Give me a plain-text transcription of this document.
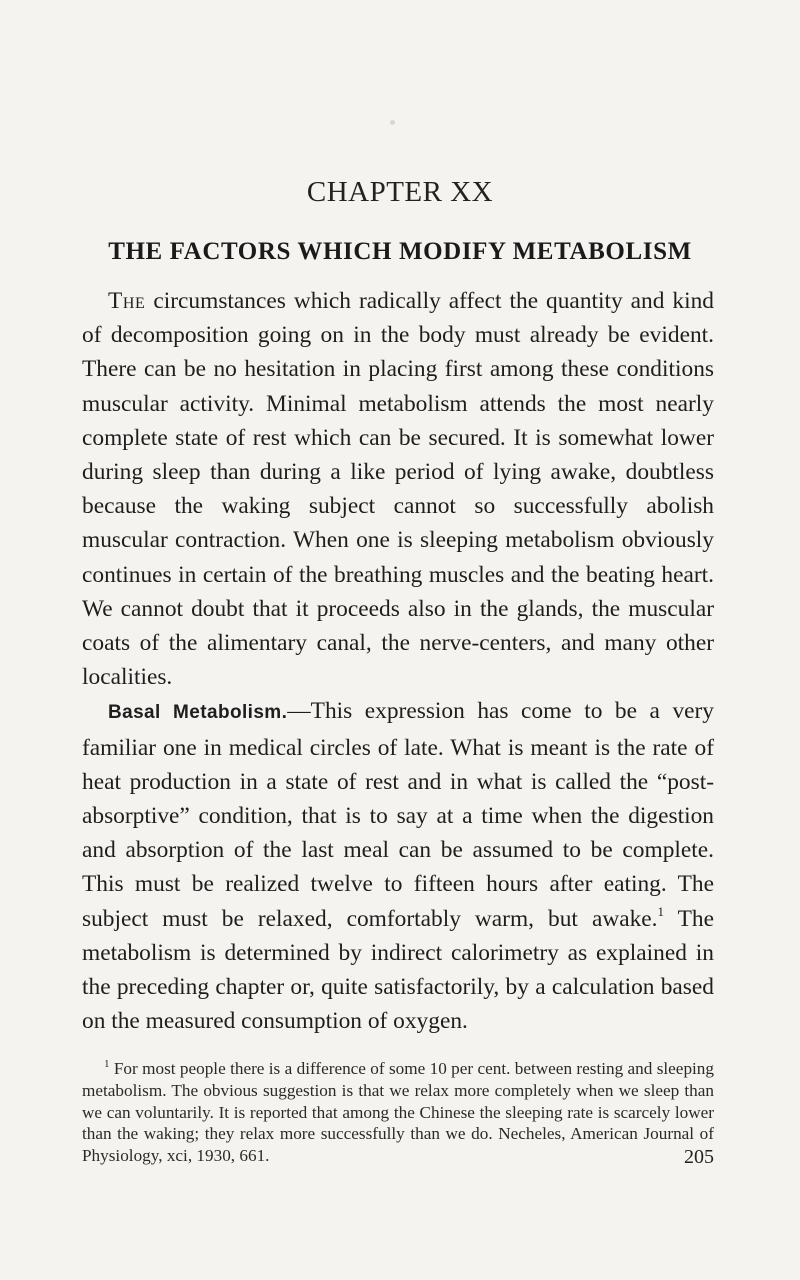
CHAPTER XX
THE FACTORS WHICH MODIFY METABOLISM

The circumstances which radically affect the quantity and kind of decomposition going on in the body must already be evident. There can be no hesitation in placing first among these conditions muscular activity. Minimal metabolism attends the most nearly complete state of rest which can be secured. It is somewhat lower during sleep than during a like period of lying awake, doubtless because the waking subject cannot so successfully abolish muscular contraction. When one is sleeping metabolism obviously continues in certain of the breathing muscles and the beating heart. We cannot doubt that it proceeds also in the glands, the muscular coats of the alimentary canal, the nerve-centers, and many other localities.

Basal Metabolism.—This expression has come to be a very familiar one in medical circles of late. What is meant is the rate of heat production in a state of rest and in what is called the “post-absorptive” condition, that is to say at a time when the digestion and absorption of the last meal can be assumed to be complete. This must be realized twelve to fifteen hours after eating. The subject must be relaxed, comfortably warm, but awake.$^1$ The metabolism is determined by indirect calorimetry as explained in the preceding chapter or, quite satisfactorily, by a calculation based on the measured consumption of oxygen.

$^1$ For most people there is a difference of some 10 per cent. between resting and sleeping metabolism. The obvious suggestion is that we relax more completely when we sleep than we can voluntarily. It is reported that among the Chinese the sleeping rate is scarcely lower than the waking; they relax more successfully than we do. Necheles, American Journal of Physiology, xci, 1930, 661.	205
